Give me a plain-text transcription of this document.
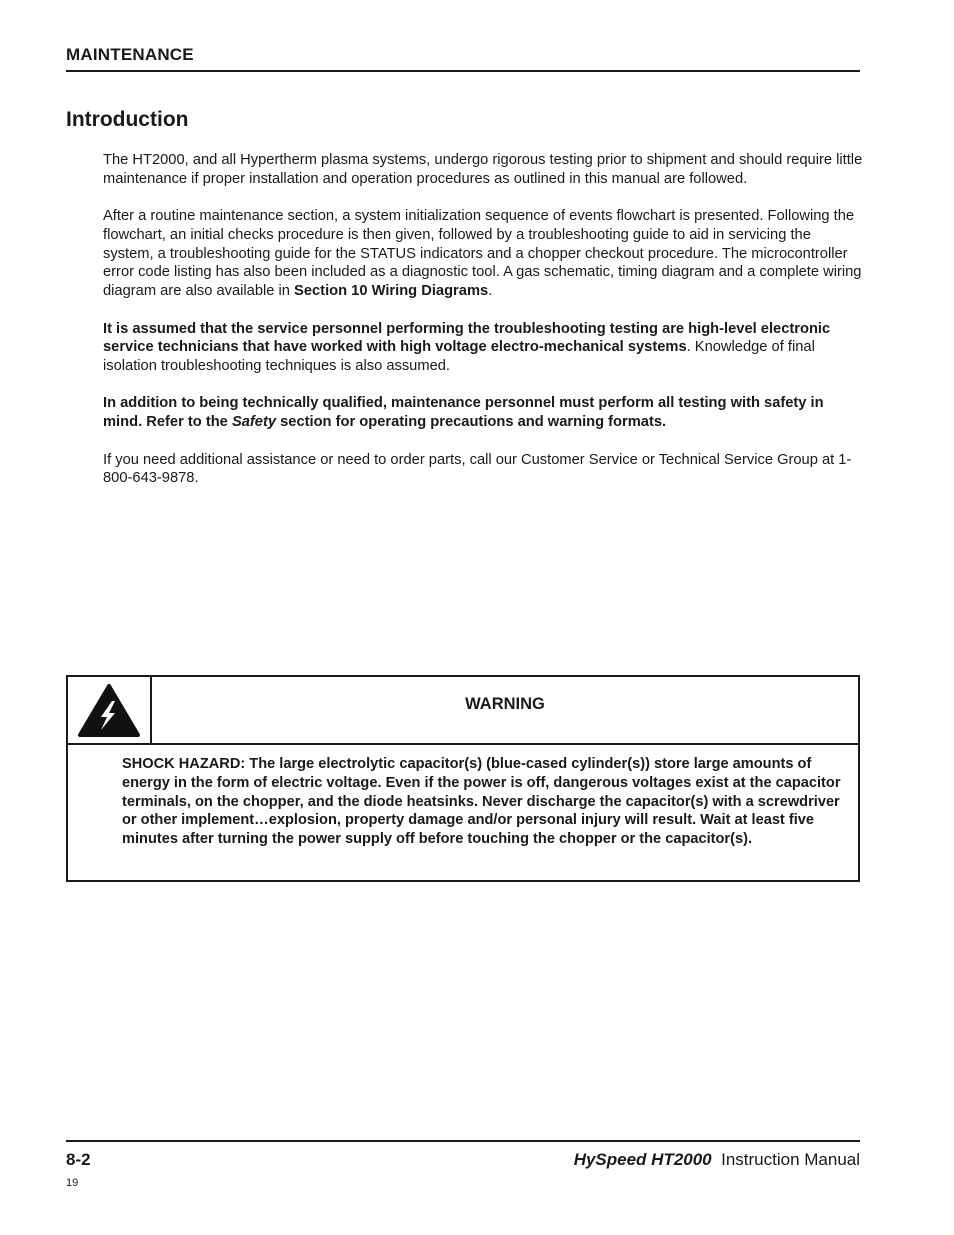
MAINTENANCE
Introduction

The HT2000, and all Hypertherm plasma systems, undergo rigorous testing prior to shipment and should require little maintenance if proper installation and operation procedures as outlined in this manual are followed.

After a routine maintenance section, a system initialization sequence of events flowchart is presented. Following the flowchart, an initial checks procedure is then given, followed by a troubleshooting guide to aid in servicing the system, a troubleshooting guide for the STATUS indicators and a chopper checkout procedure. The microcontroller error code listing has also been included as a diagnostic tool. A gas schematic, timing diagram and a complete wiring diagram are also available in Section 10 Wiring Diagrams.

It is assumed that the service personnel performing the troubleshooting testing are high-level electronic service technicians that have worked with high voltage electro-mechanical systems. Knowledge of final isolation troubleshooting techniques is also assumed.

In addition to being technically qualified, maintenance personnel must perform all testing with safety in mind. Refer to the Safety section for operating precautions and warning formats.

If you need additional assistance or need to order parts, call our Customer Service or Technical Service Group at 1-800-643-9878.

WARNING
SHOCK HAZARD: The large electrolytic capacitor(s) (blue-cased cylinder(s)) store large amounts of energy in the form of electric voltage. Even if the power is off, dangerous voltages exist at the capacitor terminals, on the chopper, and the diode heatsinks. Never discharge the capacitor(s) with a screwdriver or other implement…explosion, property damage and/or personal injury will result. Wait at least five minutes after turning the power supply off before touching the chopper or the capacitor(s).
8-2	HySpeed HT2000 Instruction Manual
19
